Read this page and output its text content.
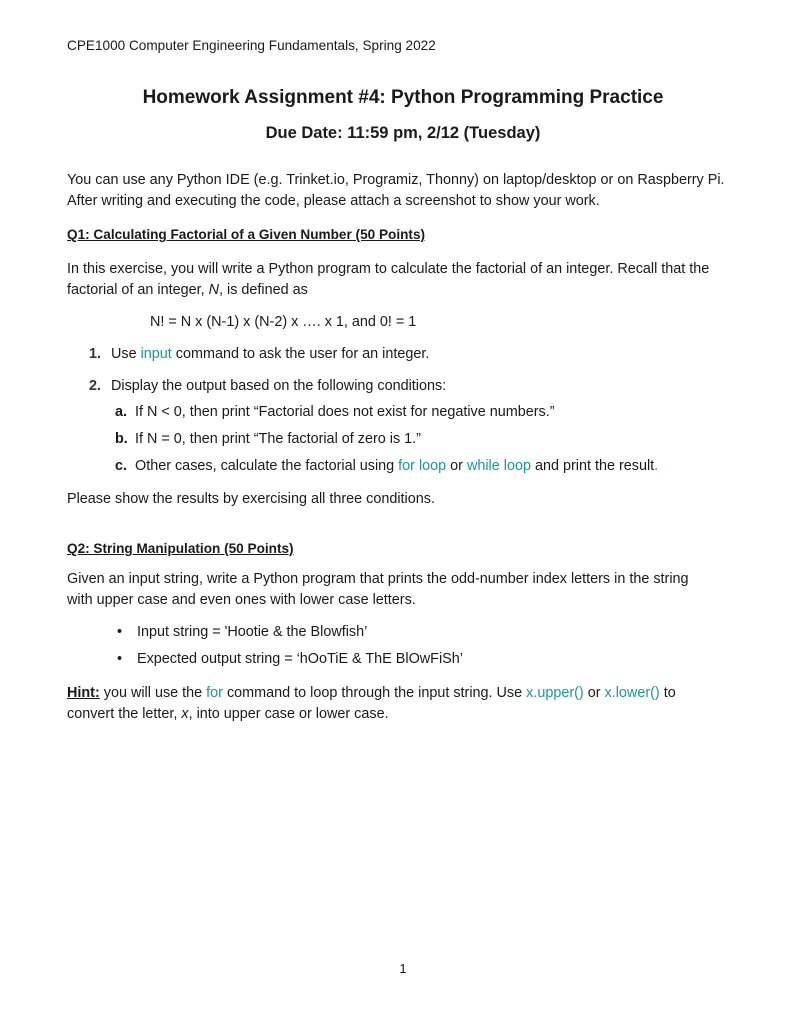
CPE1000 Computer Engineering Fundamentals, Spring 2022
Homework Assignment #4: Python Programming Practice
Due Date: 11:59 pm, 2/12 (Tuesday)
You can use any Python IDE (e.g. Trinket.io, Programiz, Thonny) on laptop/desktop or on Raspberry Pi.
After writing and executing the code, please attach a screenshot to show your work.
Q1: Calculating Factorial of a Given Number (50 Points)
In this exercise, you will write a Python program to calculate the factorial of an integer. Recall that the
factorial of an integer, N, is defined as
N! = N x (N-1) x (N-2) x …. x 1, and 0! = 1
1. Use input command to ask the user for an integer.
2. Display the output based on the following conditions:
a. If N < 0, then print “Factorial does not exist for negative numbers.”
b. If N = 0, then print “The factorial of zero is 1.”
c. Other cases, calculate the factorial using for loop or while loop and print the result.
Please show the results by exercising all three conditions.
Q2: String Manipulation (50 Points)
Given an input string, write a Python program that prints the odd-number index letters in the string
with upper case and even ones with lower case letters.
• Input string = 'Hootie & the Blowfish’
• Expected output string = ‘hOoTiE & ThE BlOwFiSh’
Hint: you will use the for command to loop through the input string. Use x.upper() or x.lower() to
convert the letter, x, into upper case or lower case.
1
